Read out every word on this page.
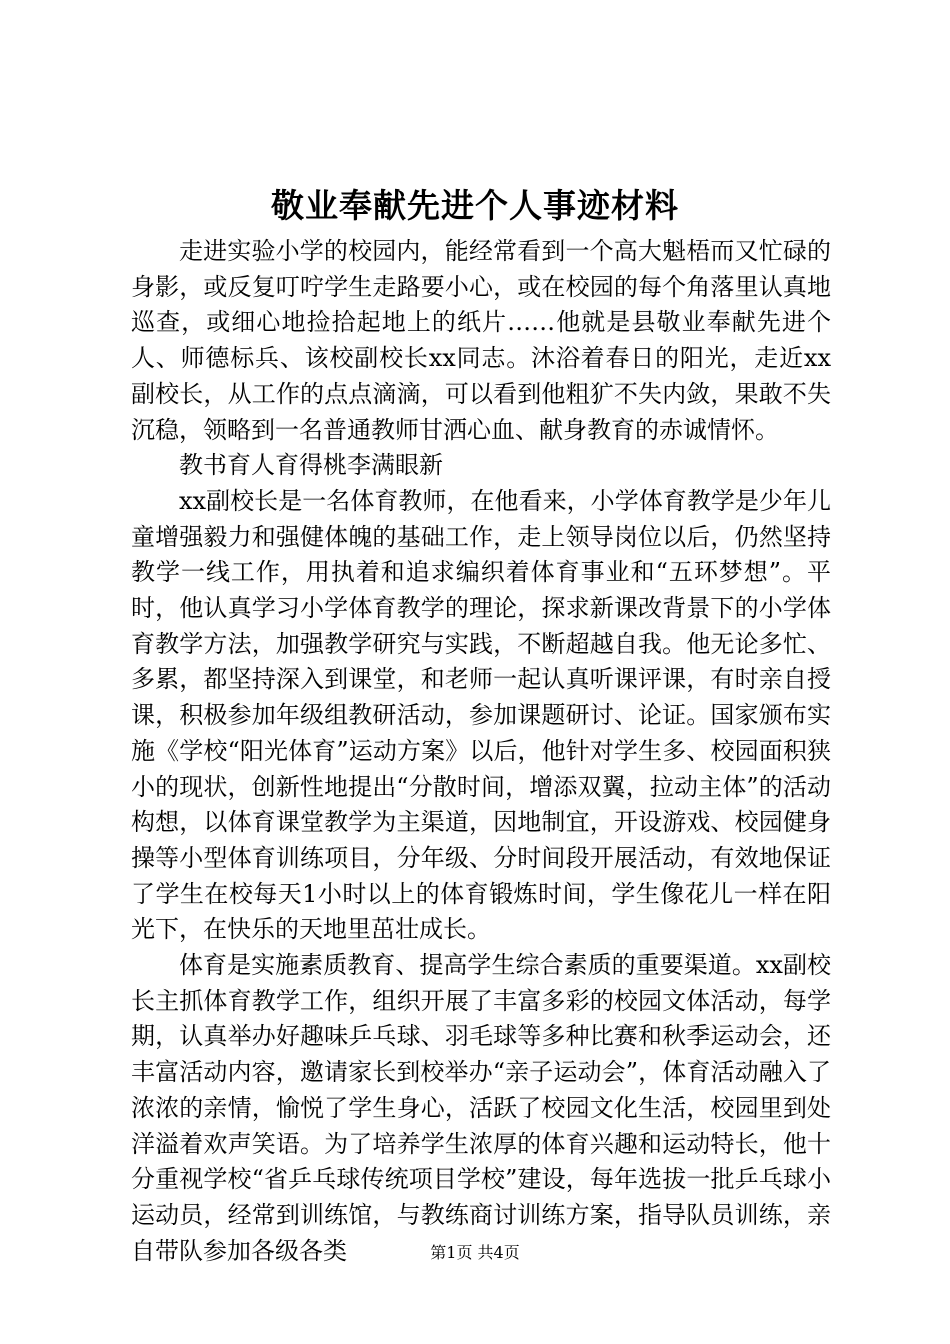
敬业奉献先进个人事迹材料

走进实验小学的校园内，能经常看到一个高大魁梧而又忙碌的身影，或反复叮咛学生走路要小心，或在校园的每个角落里认真地巡查，或细心地捡拾起地上的纸片……他就是县敬业奉献先进个人、师德标兵、该校副校长xx同志。沐浴着春日的阳光，走近xx副校长，从工作的点点滴滴，可以看到他粗犷不失内敛，果敢不失沉稳，领略到一名普通教师甘洒心血、献身教育的赤诚情怀。

教书育人育得桃李满眼新

xx副校长是一名体育教师，在他看来，小学体育教学是少年儿童增强毅力和强健体魄的基础工作，走上领导岗位以后，仍然坚持教学一线工作，用执着和追求编织着体育事业和“五环梦想”。平时，他认真学习小学体育教学的理论，探求新课改背景下的小学体育教学方法，加强教学研究与实践，不断超越自我。他无论多忙、多累，都坚持深入到课堂，和老师一起认真听课评课，有时亲自授课，积极参加年级组教研活动，参加课题研讨、论证。国家颁布实施《学校“阳光体育”运动方案》以后，他针对学生多、校园面积狭小的现状，创新性地提出“分散时间，增添双翼，拉动主体”的活动构想，以体育课堂教学为主渠道，因地制宜，开设游戏、校园健身操等小型体育训练项目，分年级、分时间段开展活动，有效地保证了学生在校每天1小时以上的体育锻炼时间，学生像花儿一样在阳光下，在快乐的天地里茁壮成长。

体育是实施素质教育、提高学生综合素质的重要渠道。xx副校长主抓体育教学工作，组织开展了丰富多彩的校园文体活动，每学期，认真举办好趣味乒乓球、羽毛球等多种比赛和秋季运动会，还丰富活动内容，邀请家长到校举办“亲子运动会”，体育活动融入了浓浓的亲情，愉悦了学生身心，活跃了校园文化生活，校园里到处洋溢着欢声笑语。为了培养学生浓厚的体育兴趣和运动特长，他十分重视学校“省乒乓球传统项目学校”建设，每年选拔一批乒乓球小运动员，经常到训练馆，与教练商讨训练方案，指导队员训练，亲自带队参加各级各类	第1页 共4页
